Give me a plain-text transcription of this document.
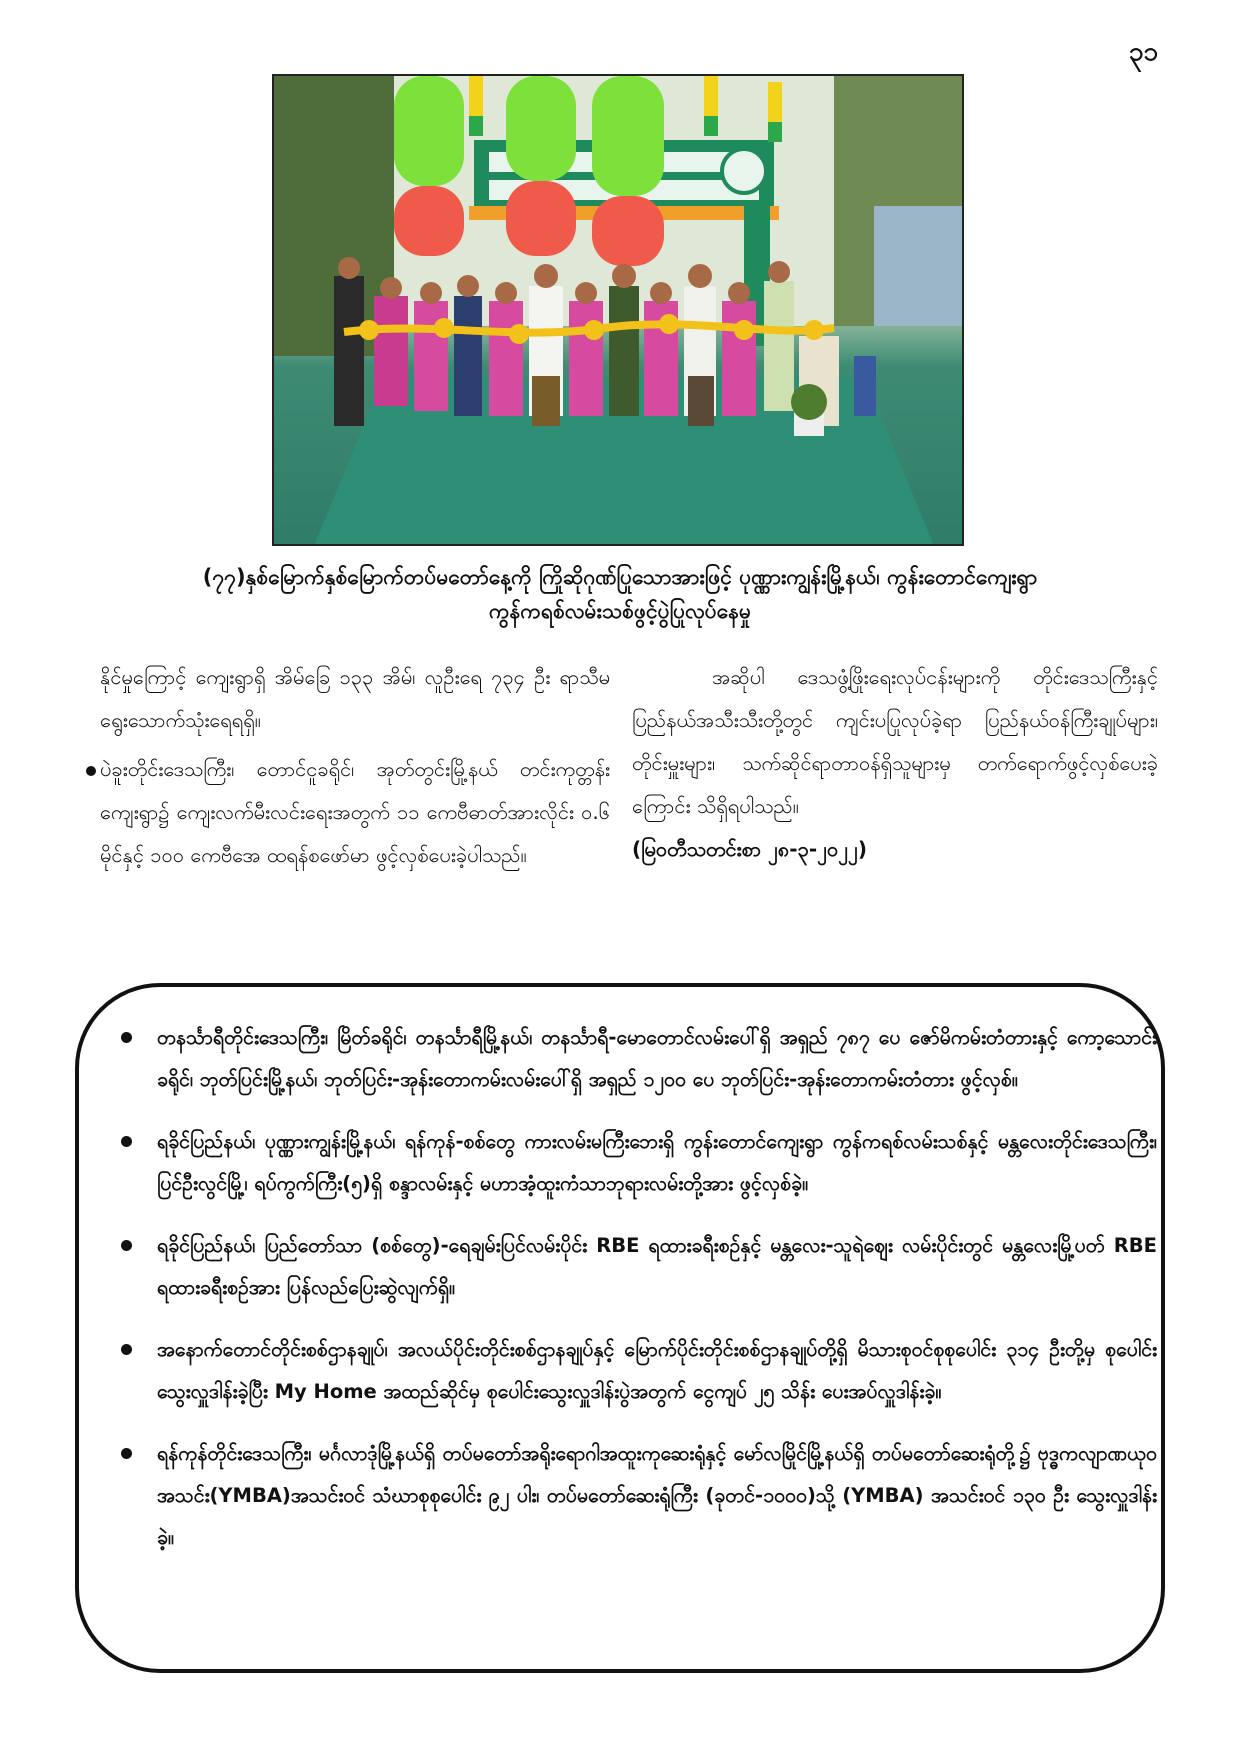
၃၁
(၇၇)နှစ်မြောက်နှစ်မြောက်တပ်မတော်နေ့ကို ကြိုဆိုဂုဏ်ပြုသောအားဖြင့် ပုဏ္ဏားကျွန်းမြို့နယ်၊ ကွန်းတောင်ကျေးရွာ
ကွန်ကရစ်လမ်းသစ်ဖွင့်ပွဲပြုလုပ်နေမှု

နိုင်မှုကြောင့် ကျေးရွာရှိ အိမ်ခြေ ၁၃၃ အိမ်၊ လူဦးရေ ၇၃၄ ဦး ရာသီမရွေးသောက်သုံးရေရရှိ။

ပဲခူးတိုင်းဒေသကြီး၊ တောင်ငူခရိုင်၊ အုတ်တွင်းမြို့နယ် တင်းကုတ္တန်းကျေးရွာ၌ ကျေးလက်မီးလင်းရေးအတွက် ၁၁ ကေဗီဓာတ်အားလိုင်း ၀.၆ မိုင်နှင့် ၁၀၀ ကေဗီအေ ထရန်စဖော်မာ ဖွင့်လှစ်ပေးခဲ့ပါသည်။

အဆိုပါ ဒေသဖွံ့ဖြိုးရေးလုပ်ငန်းများကို တိုင်းဒေသကြီးနှင့် ပြည်နယ်အသီးသီးတို့တွင် ကျင်းပပြုလုပ်ခဲ့ရာ ပြည်နယ်ဝန်ကြီးချုပ်များ၊ တိုင်းမှူးများ၊ သက်ဆိုင်ရာတာဝန်ရှိသူများမှ တက်ရောက်ဖွင့်လှစ်ပေးခဲ့ကြောင်း သိရှိရပါသည်။

(မြဝတီသတင်းစာ ၂၈-၃-၂၀၂၂)

တနင်္သာရီတိုင်းဒေသကြီး၊ မြိတ်ခရိုင်၊ တနင်္သာရီမြို့နယ်၊ တနင်္သာရီ-မောတောင်လမ်းပေါ်ရှိ အရှည် ၇၈၇ ပေ ဇော်မိကမ်းတံတားနှင့် ကော့သောင်းခရိုင်၊ ဘုတ်ပြင်းမြို့နယ်၊ ဘုတ်ပြင်း-အုန်းတောကမ်းလမ်းပေါ်ရှိ အရှည် ၁၂၀၀ ပေ ဘုတ်ပြင်း-အုန်းတောကမ်းတံတား ဖွင့်လှစ်။
ရခိုင်ပြည်နယ်၊ ပုဏ္ဏားကျွန်းမြို့နယ်၊ ရန်ကုန်-စစ်တွေ ကားလမ်းမကြီးဘေးရှိ ကွန်းတောင်ကျေးရွာ ကွန်ကရစ်လမ်းသစ်နှင့် မန္တလေးတိုင်းဒေသကြီး၊ ပြင်ဦးလွင်မြို့၊ ရပ်ကွက်ကြီး(၅)ရှိ စန္ဒာလမ်းနှင့် မဟာအံ့ထူးကံသာဘုရားလမ်းတို့အား ဖွင့်လှစ်ခဲ့။
ရခိုင်ပြည်နယ်၊ ပြည်တော်သာ (စစ်တွေ)-ရေချမ်းပြင်လမ်းပိုင်း RBE ရထားခရီးစဉ်နှင့် မန္တလေး-သူရဲဈေး လမ်းပိုင်းတွင် မန္တလေးမြို့ပတ် RBE ရထားခရီးစဉ်အား ပြန်လည်ပြေးဆွဲလျက်ရှိ။
အနောက်တောင်တိုင်းစစ်ဌာနချုပ်၊ အလယ်ပိုင်းတိုင်းစစ်ဌာနချုပ်နှင့် မြောက်ပိုင်းတိုင်းစစ်ဌာနချုပ်တို့ရှိ မိသားစုဝင်စုစုပေါင်း ၃၁၄ ဦးတို့မှ စုပေါင်းသွေးလှူဒါန်းခဲ့ပြီး My Home အထည်ဆိုင်မှ စုပေါင်းသွေးလှူဒါန်းပွဲအတွက် ငွေကျပ် ၂၅ သိန်း ပေးအပ်လှူဒါန်းခဲ့။
ရန်ကုန်တိုင်းဒေသကြီး၊ မင်္ဂလာဒုံမြို့နယ်ရှိ တပ်မတော်အရိုးရောဂါအထူးကုဆေးရုံနှင့် မော်လမြိုင်မြို့နယ်ရှိ တပ်မတော်ဆေးရုံတို့၌ ဗုဒ္ဓကလျာဏယုဝအသင်း(YMBA)အသင်းဝင် သံဃာစုစုပေါင်း ၉၂ ပါး၊ တပ်မတော်ဆေးရုံကြီး (ခုတင်-၁၀၀၀)သို့ (YMBA) အသင်းဝင် ၁၃၀ ဦး သွေးလှူဒါန်းခဲ့။
